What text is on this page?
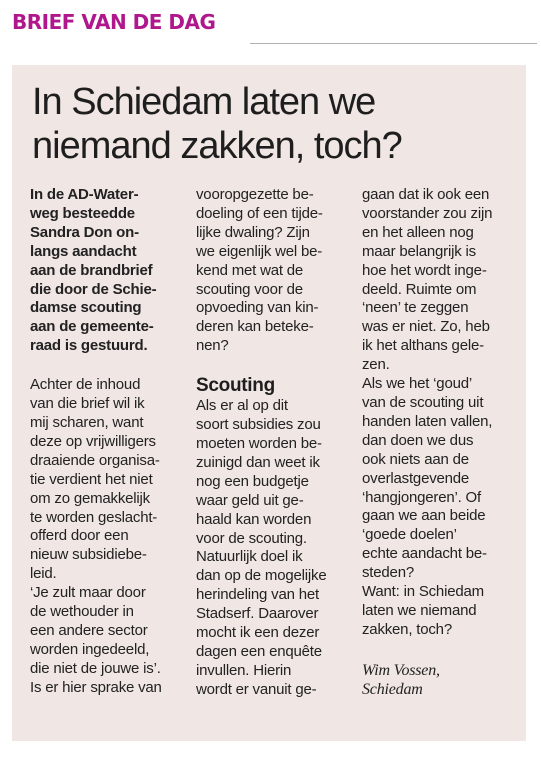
BRIEF VAN DE DAG
In Schiedam laten we
niemand zakken, toch?
In de AD-Water-
weg besteedde
Sandra Don on-
langs aandacht
aan de brandbrief
die door de Schie-
damse scouting
aan de gemeente-
raad is gestuurd.
Achter de inhoud
van die brief wil ik
mij scharen, want
deze op vrijwilligers
draaiende organisa-
tie verdient het niet
om zo gemakkelijk
te worden geslacht-
offerd door een
nieuw subsidiebe-
leid.
‘Je zult maar door
de wethouder in
een andere sector
worden ingedeeld,
die niet de jouwe is’.
Is er hier sprake van
vooropgezette be-
doeling of een tijde-
lijke dwaling? Zijn
we eigenlijk wel be-
kend met wat de
scouting voor de
opvoeding van kin-
deren kan beteke-
nen?
Scouting
Als er al op dit
soort subsidies zou
moeten worden be-
zuinigd dan weet ik
nog een budgetje
waar geld uit ge-
haald kan worden
voor de scouting.
Natuurlijk doel ik
dan op de mogelijke
herindeling van het
Stadserf. Daarover
mocht ik een dezer
dagen een enquête
invullen. Hierin
wordt er vanuit ge-
gaan dat ik ook een
voorstander zou zijn
en het alleen nog
maar belangrijk is
hoe het wordt inge-
deeld. Ruimte om
‘neen’ te zeggen
was er niet. Zo, heb
ik het althans gele-
zen.
Als we het ‘goud’
van de scouting uit
handen laten vallen,
dan doen we dus
ook niets aan de
overlastgevende
‘hangjongeren’. Of
gaan we aan beide
‘goede doelen’
echte aandacht be-
steden?
Want: in Schiedam
laten we niemand
zakken, toch?
Wim Vossen,
Schiedam
